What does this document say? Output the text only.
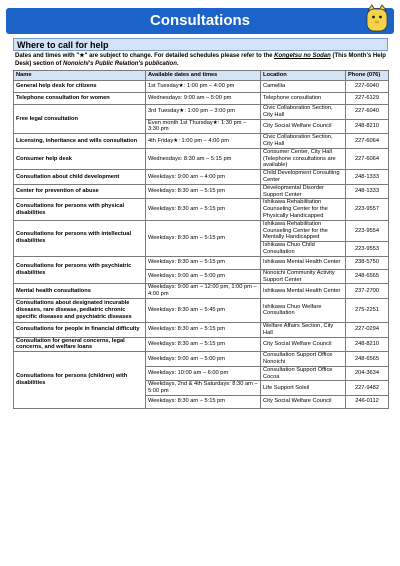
Consultations
Where to call for help
Dates and times with "★" are subject to change. For detailed schedules please refer to the Kongetsu no Sodan (This Month's Help Desk) section of Nonoichi's Public Relation's publication.
Name	Available dates and times	Location	Phone (076)
General help desk for citizens	1st Tuesday★: 1:00 pm – 4:00 pm	Camellia	227-6040
Telephone consultation for women	Wednesdays: 9:00 am – 5:00 pm	Telephone consultation	227-6129
Free legal consultation	3rd Tuesday★: 1:00 pm – 3:00 pm	Civic Collaboration Section, City Hall	227-6040
	Even month 1st Thursday★: 1:30 pm – 3:30 pm	City Social Welfare Council	248-8210
Licensing, inheritance and wills consultation	4th Friday★: 1:00 pm – 4:00 pm	Civic Collaboration Section, City Hall	227-6064
Consumer help desk	Wednesdays: 8:30 am – 5:15 pm	Consumer Center, City Hall (Telephone consultations are available)	227-6064
Consultation about child development	Weekdays: 9:00 am – 4:00 pm	Child Development Consulting Center	248-1333
Center for prevention of abuse	Weekdays: 8:30 am – 5:15 pm	Developmental Disorder Support Center	248-1333
Consultations for persons with physical disabilities	Weekdays: 8:30 am – 5:15 pm	Ishikawa Rehabilitation Counseling Center for the Physically Handicapped	223-9557
Consultations for persons with intellectual disabilities	Weekdays: 8:30 am – 5:15 pm	Ishikawa Rehabilitation Counseling Center for the Mentally Handicapped	223-9554
		Ishikawa Chuo Child Consultation	223-9553
Consultations for persons with psychiatric disabilities	Weekdays: 8:30 am – 5:15 pm	Ishikawa Mental Health Center	238-5750
	Weekdays: 9:00 am – 5:00 pm	Nonoichi Community Activity Support Center	248-6565
Mental health consultations	Weekdays: 9:00 am – 12:00 pm, 1:00 pm – 4:00 pm	Ishikawa Mental Health Center	237-2700
Consultations about designated incurable diseases, rare disease, pediatric chronic specific diseases and psychiatric diseases	Weekdays: 8:30 am – 5:45 pm	Ishikawa Chuo Welfare Consultation	275-2251
Consultations for people in financial difficulty	Weekdays: 8:30 am – 5:15 pm	Welfare Affairs Section, City Hall	227-0294
Consultation for general concerns, legal concerns, and welfare loans	Weekdays: 8:30 am – 5:15 pm	City Social Welfare Council	248-8210
Consultations for persons (children) with disabilities	Weekdays: 9:00 am – 5:00 pm	Consultation Support Office Nonoichi	248-6565
	Weekdays: 10:00 am – 6:00 pm	Consultation Support Office Cocoa	204-3634
	Weekdays, 2nd & 4th Saturdays: 8:30 am – 5:00 pm	Life Support Soleil	227-9482
	Weekdays: 8:30 am – 5:15 pm	City Social Welfare Council	246-0112
